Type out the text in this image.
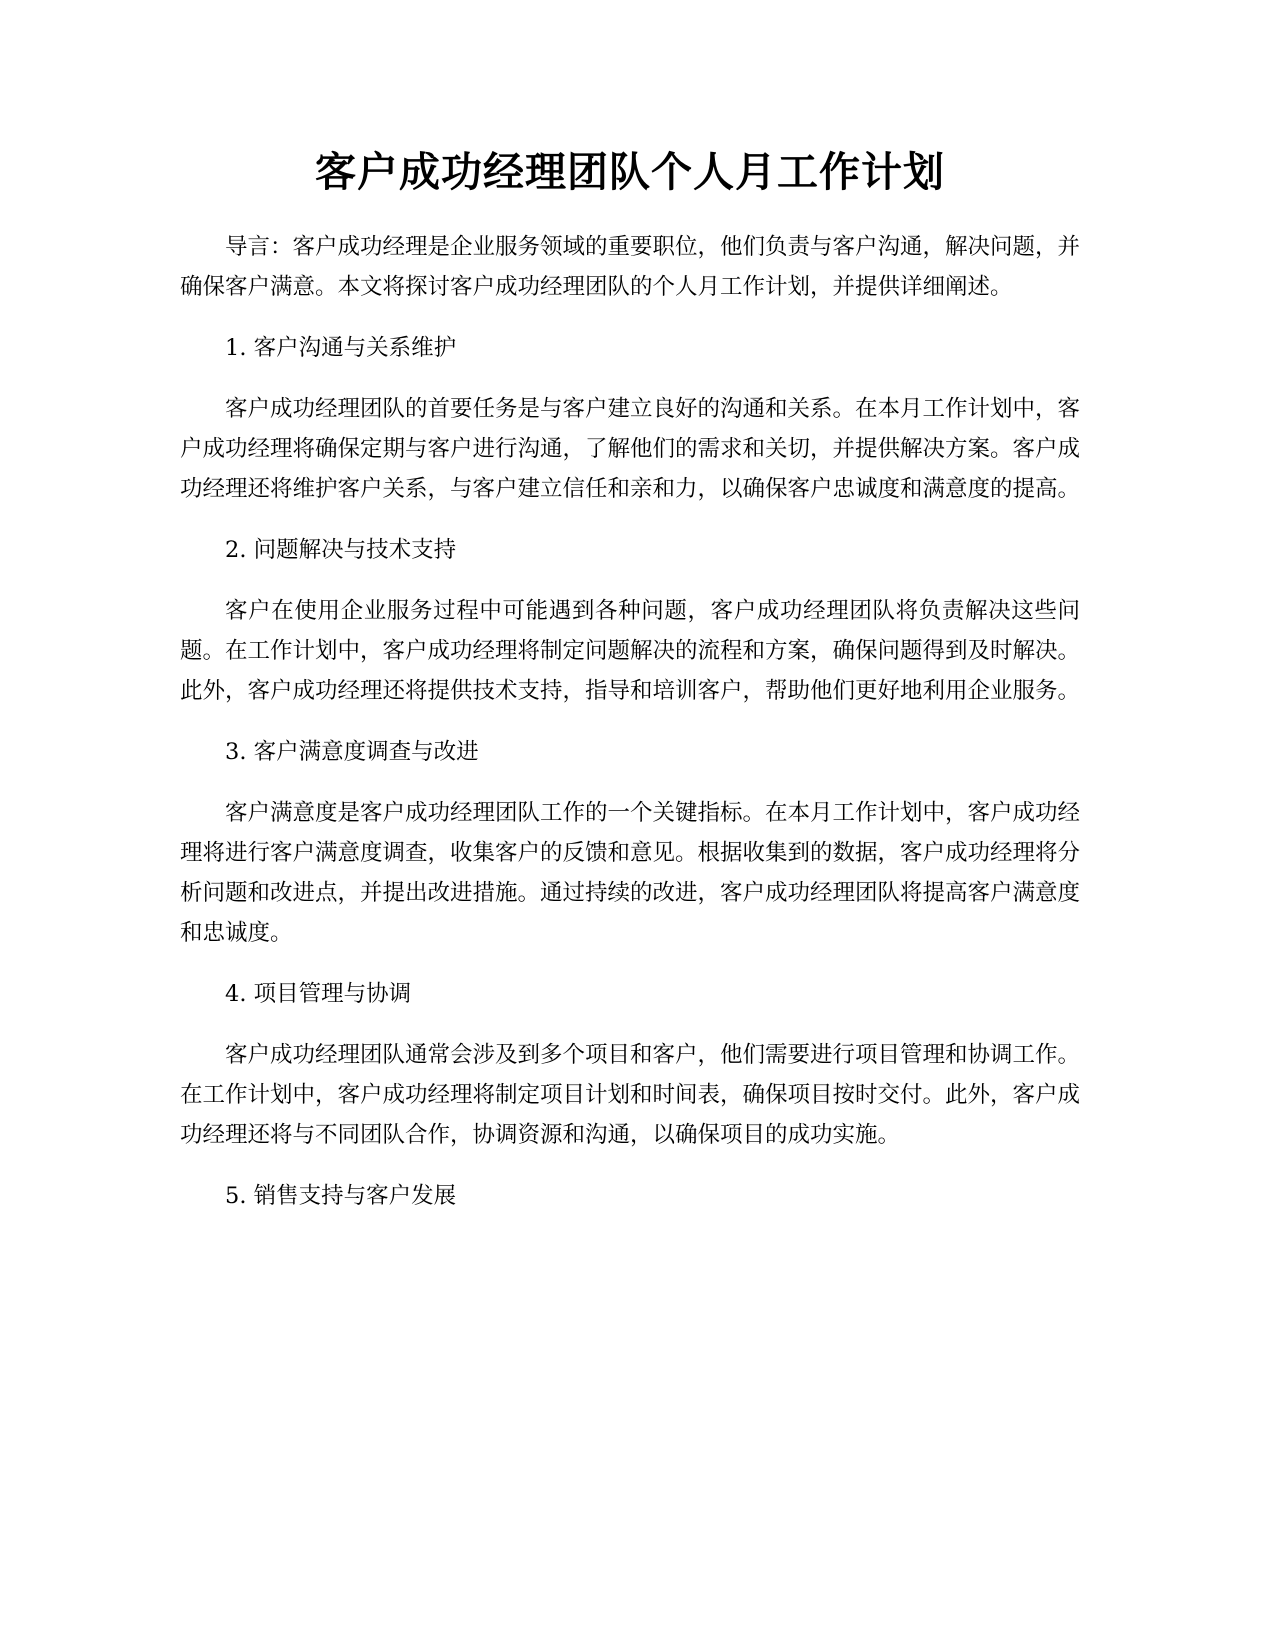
客户成功经理团队个人月工作计划

导言：客户成功经理是企业服务领域的重要职位，他们负责与客户沟通，解决问题，并确保客户满意。本文将探讨客户成功经理团队的个人月工作计划，并提供详细阐述。

1. 客户沟通与关系维护

客户成功经理团队的首要任务是与客户建立良好的沟通和关系。在本月工作计划中，客户成功经理将确保定期与客户进行沟通，了解他们的需求和关切，并提供解决方案。客户成功经理还将维护客户关系，与客户建立信任和亲和力，以确保客户忠诚度和满意度的提高。

2. 问题解决与技术支持

客户在使用企业服务过程中可能遇到各种问题，客户成功经理团队将负责解决这些问题。在工作计划中，客户成功经理将制定问题解决的流程和方案，确保问题得到及时解决。此外，客户成功经理还将提供技术支持，指导和培训客户，帮助他们更好地利用企业服务。

3. 客户满意度调查与改进

客户满意度是客户成功经理团队工作的一个关键指标。在本月工作计划中，客户成功经理将进行客户满意度调查，收集客户的反馈和意见。根据收集到的数据，客户成功经理将分析问题和改进点，并提出改进措施。通过持续的改进，客户成功经理团队将提高客户满意度和忠诚度。

4. 项目管理与协调

客户成功经理团队通常会涉及到多个项目和客户，他们需要进行项目管理和协调工作。在工作计划中，客户成功经理将制定项目计划和时间表，确保项目按时交付。此外，客户成功经理还将与不同团队合作，协调资源和沟通，以确保项目的成功实施。

5. 销售支持与客户发展
